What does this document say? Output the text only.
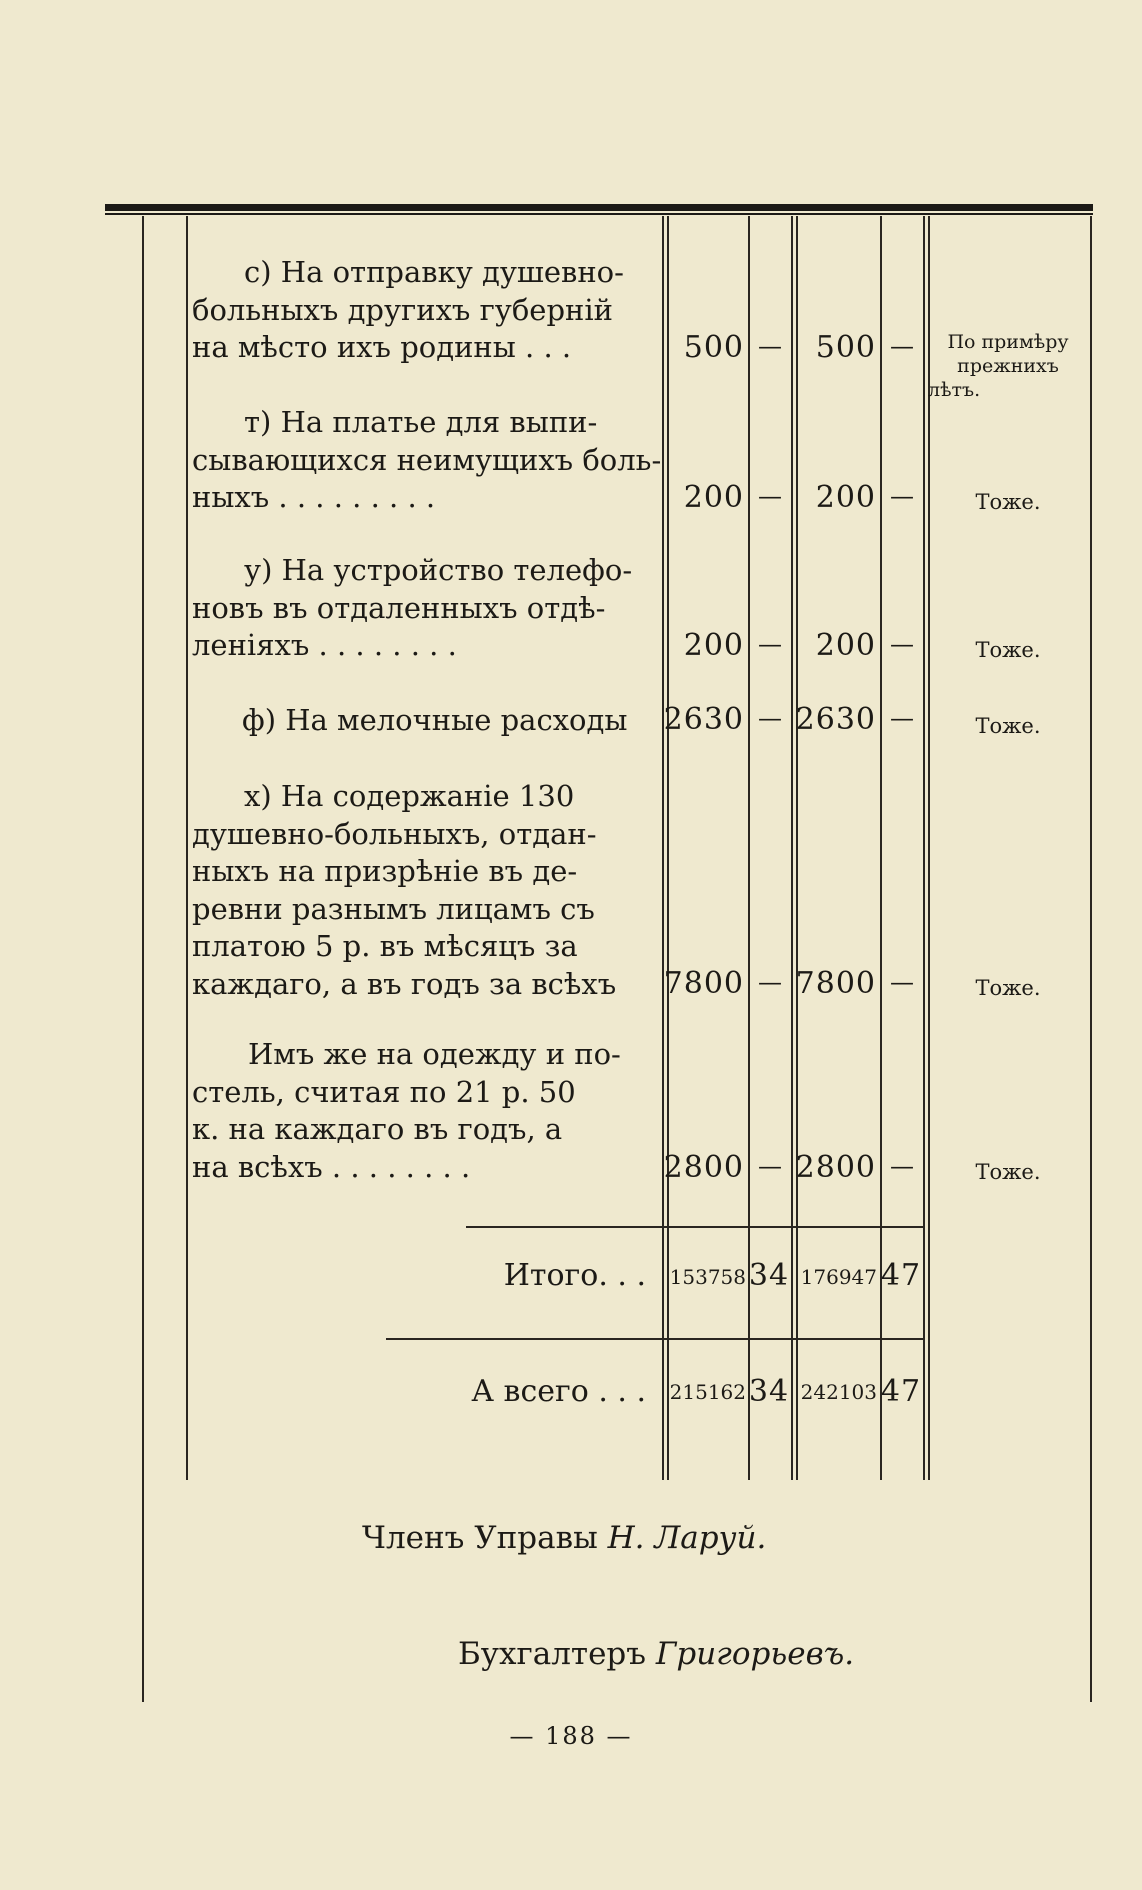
с) На отправку душевно-
больныхъ другихъ губерній
на мѣсто ихъ родины . . .	500 —	500 —	По примѣру
прежнихъ
лѣтъ.
т) На платье для выпи-
сывающихся неимущихъ боль-
ныхъ . . . . . . . . .	200 —	200 —	Тоже.
у) На устройство телефо-
новъ въ отдаленныхъ отдѣ-
леніяхъ . . . . . . . .	200 —	200 —	Тоже.
ф) На мелочные расходы	2630 — 2630 —	Тоже.
х) На содержаніе 130
душевно-больныхъ, отдан-
ныхъ на призрѣніе въ де-
ревни разнымъ лицамъ съ
платою 5 р. въ мѣсяцъ за
каждаго, а въ годъ за всѣхъ	7800 — 7800 —	Тоже.
Имъ же на одежду и по-
стель, считая по 21 р. 50
к. на каждаго въ годъ, а
на всѣхъ . . . . . . . .	2800 — 2800 —	Тоже.
Итого. . . 153758 34 176947 47
А всего . . . 215162 34 242103 47
Членъ Управы Н. Ларуй.
Бухгалтеръ Григорьевъ.
— 188 —
